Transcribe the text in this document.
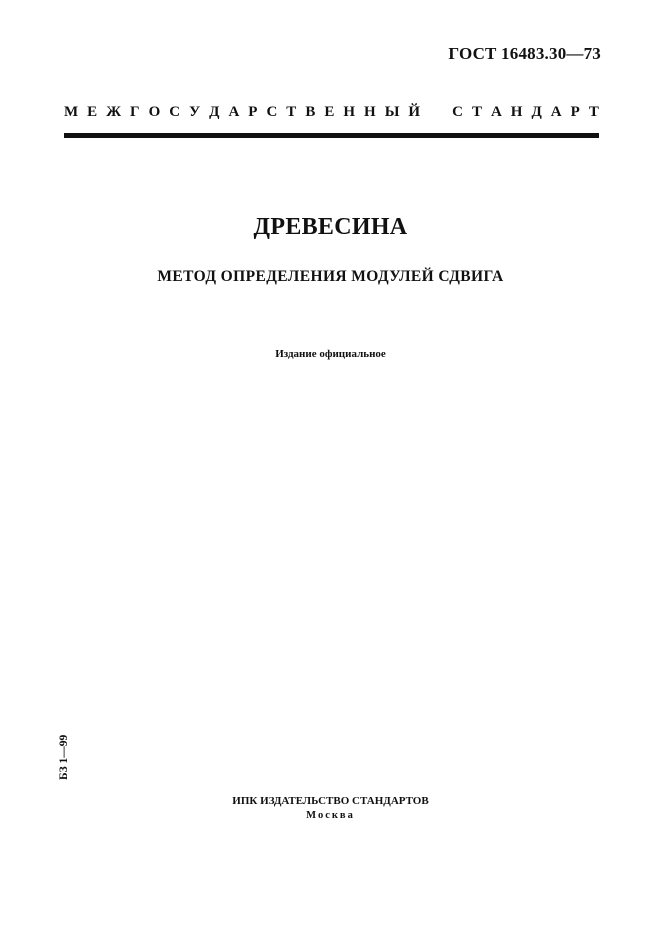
ГОСТ 16483.30—73
М Е Ж Г О С У Д А Р С Т В Е Н Н Ы Й С Т А Н Д А Р Т
ДРЕВЕСИНА
МЕТОД ОПРЕДЕЛЕНИЯ МОДУЛЕЙ СДВИГА
Издание официальное
БЗ 1—99
ИПК ИЗДАТЕЛЬСТВО СТАНДАРТОВ
Москва
